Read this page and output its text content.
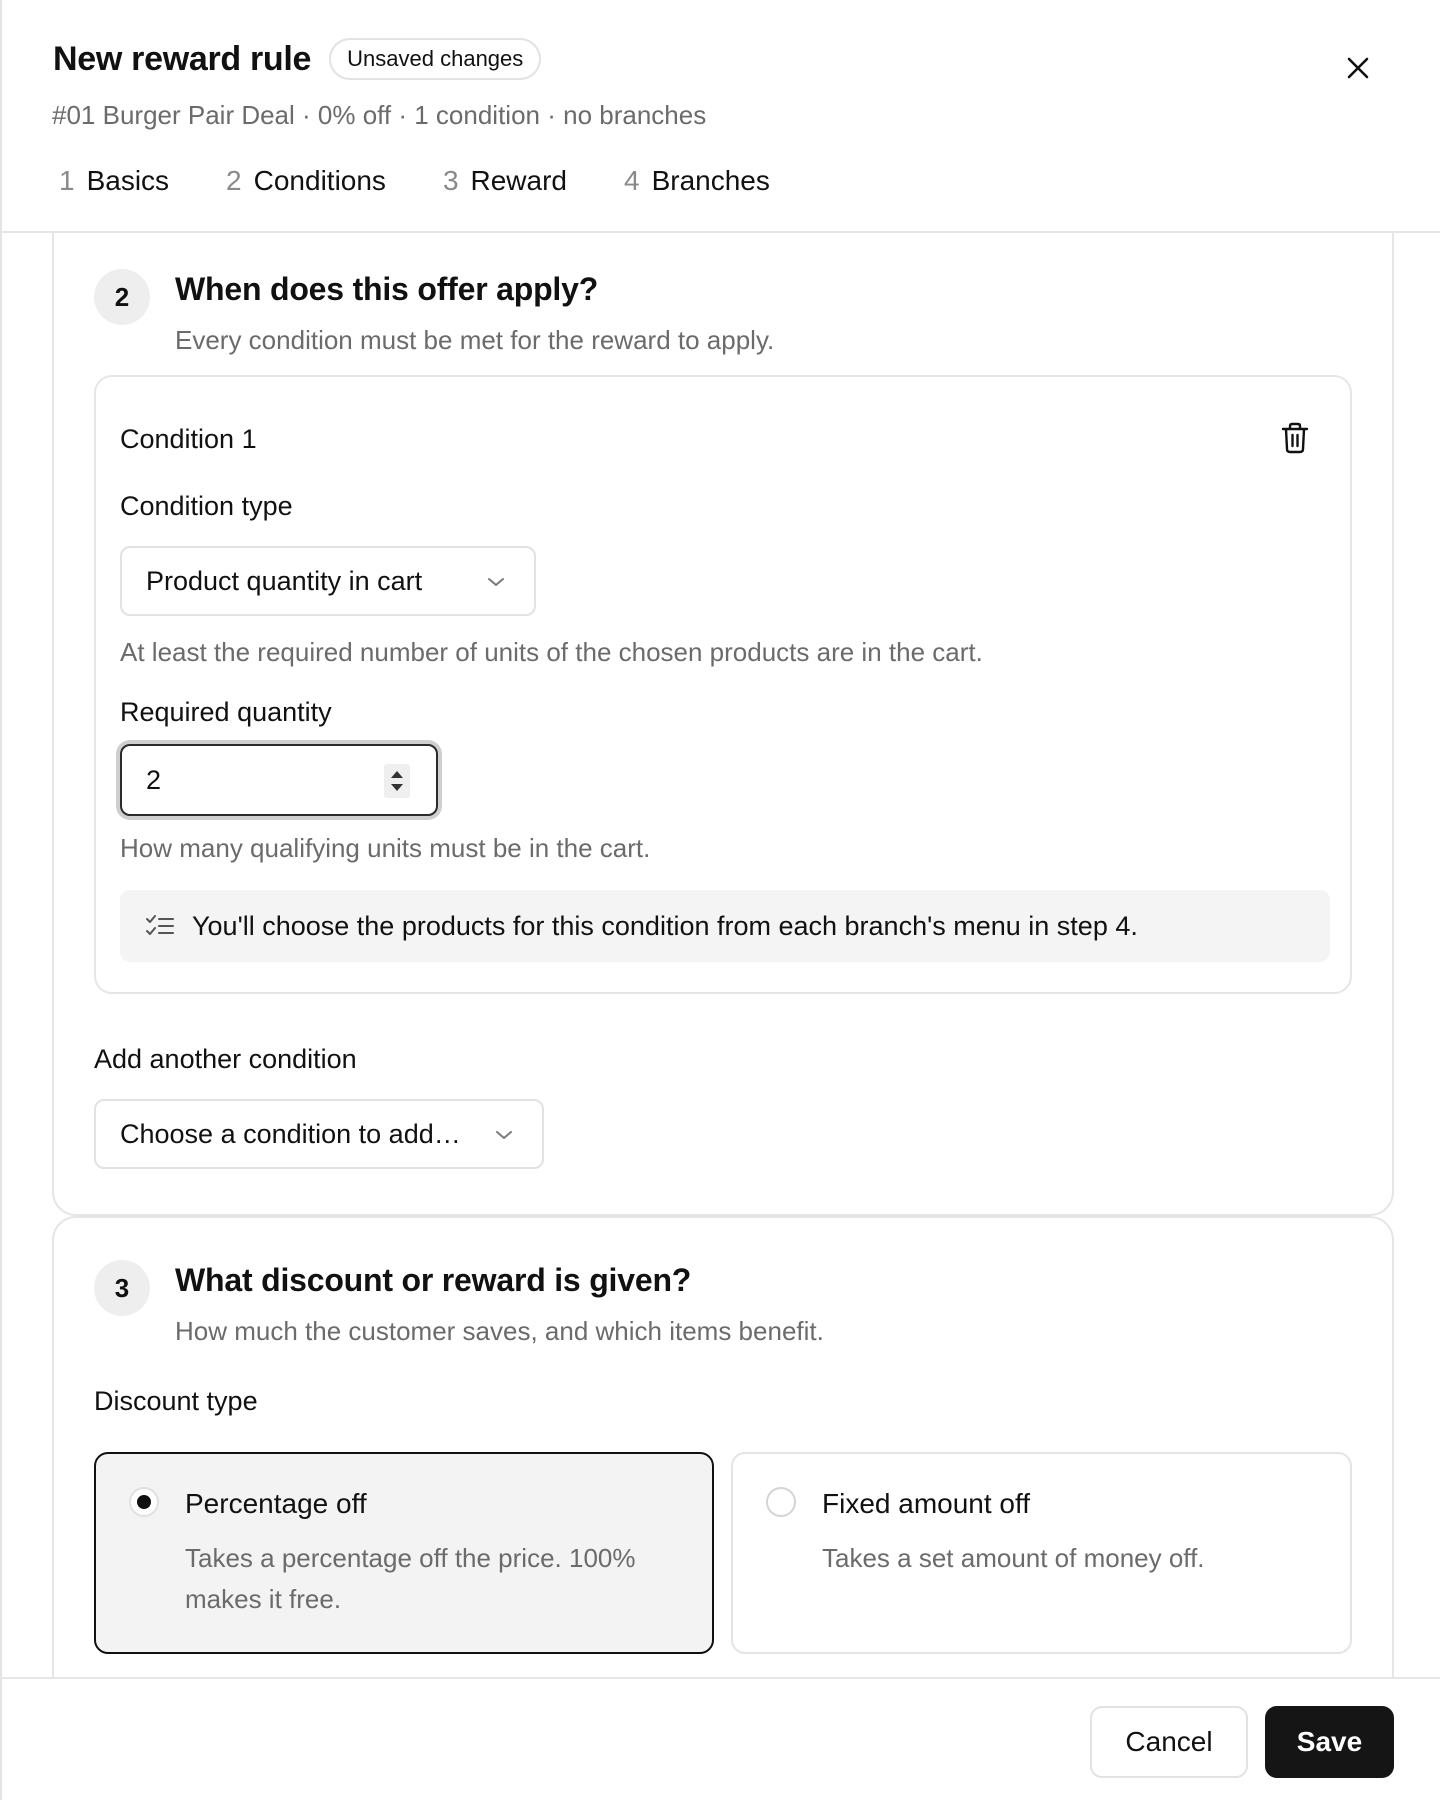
New reward rule	Unsaved changes
#01 Burger Pair Deal · 0% off · 1 condition · no branches
1 Basics 2 Conditions 3 Reward 4 Branches
2	When does this offer apply?
Every condition must be met for the reward to apply.
Condition 1
Condition type
Product quantity in cart
At least the required number of units of the chosen products are in the cart.
Required quantity
2
How many qualifying units must be in the cart.
You'll choose the products for this condition from each branch's menu in step 4.
Add another condition
Choose a condition to add…
3	What discount or reward is given?
How much the customer saves, and which items benefit.
Discount type
Percentage off
Takes a percentage off the price. 100% makes it free.
Fixed amount off
Takes a set amount of money off.
Cancel	Save
